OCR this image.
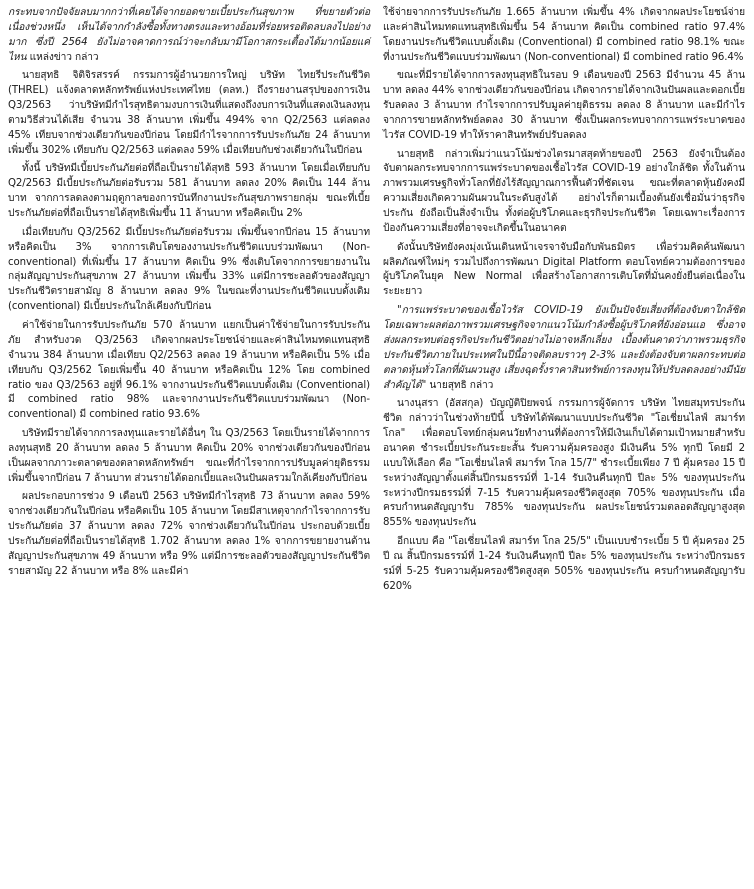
กระทบจากปัจจัยลบมากกว่าที่เคยได้จากยอดขายเบี้ยประกันสุขภาพ ที่ขยายตัวต่อเนื่องช่วงหนึ่ง เห็นได้จากกำลังซื้อทั้งทางตรงและทางอ้อมที่ร่อยหรอติดลบลงไปอย่างมาก ซึ่งปี 2564 ยังไม่อาจคาดการณ์ว่าจะกลับมามีโอกาสกระเตื้องได้มากน้อยแค่ไหน แหล่งข่าว กล่าว

นายสุทธิ จิติจิรสรรค์ กรรมการผู้อำนวยการใหญ่ บริษัท ไทยรีประกันชีวิต (THREL) แจ้งตลาดหลักทรัพย์แห่งประเทศไทย (ตลท.) ถึงรายงานสรุปของการเงิน Q3/2563 ว่าบริษัทมีกำไรสุทธิตามงบการเงินที่แสดงถึงงบการเงินที่แสดงเงินลงทุนตามวิธีส่วนได้เสีย จำนวน 38 ล้านบาท เพิ่มขึ้น 494% จาก Q2/2563 แต่ลดลง 45% เทียบจากช่วงเดียวกันของปีก่อน โดยมีกำไรจากการรับประกันภัย 24 ล้านบาท เพิ่มขึ้น 302% เทียบกับ Q2/2563 แต่ลดลง 59% เมื่อเทียบกับช่วงเดียวกันในปีก่อน

ทั้งนี้ บริษัทมีเบี้ยประกันภัยต่อที่ถือเป็นรายได้สุทธิ 593 ล้านบาท โดยเมื่อเทียบกับ Q2/2563 มีเบี้ยประกันภัยต่อรับรวม 581 ล้านบาท ลดลง 20% คิดเป็น 144 ล้านบาท จากการลดลงตามฤดูกาลของการบันทึกงานประกันสุขภาพรายกลุ่ม ขณะที่เบี้ยประกันภัยต่อที่ถือเป็นรายได้สุทธิเพิ่มขึ้น 11 ล้านบาท หรือคิดเป็น 2%

เมื่อเทียบกับ Q3/2562 มีเบี้ยประกันภัยต่อรับรวม เพิ่มขึ้นจากปีก่อน 15 ล้านบาท หรือคิดเป็น 3% จากการเติบโตของงานประกันชีวิตแบบร่วมพัฒนา (Non-conventional) ที่เพิ่มขึ้น 17 ล้านบาท คิดเป็น 9% ซึ่งเติบโตจากการขยายงานในกลุ่มสัญญาประกันสุขภาพ 27 ล้านบาท เพิ่มขึ้น 33% แต่มีการชะลอตัวของสัญญาประกันชีวิตรายสามัญ 8 ล้านบาท ลดลง 9% ในขณะที่งานประกันชีวิตแบบดั้งเดิม (conventional) มีเบี้ยประกันใกล้เคียงกับปีก่อน

ค่าใช้จ่ายในการรับประกันภัย 570 ล้านบาท แยกเป็นค่าใช้จ่ายในการรับประกันภัย สำหรับงวด Q3/2563 เกิดจากผลประโยชน์จ่ายและค่าสินไหมทดแทนสุทธิ จำนวน 384 ล้านบาท เมื่อเทียบ Q2/2563 ลดลง 19 ล้านบาท หรือคิดเป็น 5% เมื่อเทียบกับ Q3/2562 โดยเพิ่มขึ้น 40 ล้านบาท หรือคิดเป็น 12% โดย combined ratio ของ Q3/2563 อยู่ที่ 96.1% จากงานประกันชีวิตแบบดั้งเดิม (Conventional) มี combined ratio 98% และจากงานประกันชีวิตแบบร่วมพัฒนา (Non-conventional) มี combined ratio 93.6%

บริษัทมีรายได้จากการลงทุนและรายได้อื่นๆ ใน Q3/2563 โดยเป็นรายได้จากการลงทุนสุทธิ 20 ล้านบาท ลดลง 5 ล้านบาท คิดเป็น 20% จากช่วงเดียวกันของปีก่อน เป็นผลจากภาวะตลาดของตลาดหลักทรัพย์ฯ ขณะที่กำไรจากการปรับมูลค่ายุติธรรม เพิ่มขึ้นจากปีก่อน 7 ล้านบาท ส่วนรายได้ดอกเบี้ยและเงินปันผลรวมใกล้เคียงกับปีก่อน

ผลประกอบการช่วง 9 เดือนปี 2563 บริษัทมีกำไรสุทธิ 73 ล้านบาท ลดลง 59% จากช่วงเดียวกันในปีก่อน หรือคิดเป็น 105 ล้านบาท โดยมีสาเหตุจากกำไรจากการรับประกันภัยต่อ 37 ล้านบาท ลดลง 72% จากช่วงเดียวกันในปีก่อน ประกอบด้วยเบี้ยประกันภัยต่อที่ถือเป็นรายได้สุทธิ 1.702 ล้านบาท ลดลง 1% จากการขยายงานด้านสัญญาประกันสุขภาพ 49 ล้านบาท หรือ 9% แต่มีการชะลอตัวของสัญญาประกันชีวิตรายสามัญ 22 ล้านบาท หรือ 8% และมีค่า

ใช้จ่ายจากการรับประกันภัย 1.665 ล้านบาท เพิ่มขึ้น 4% เกิดจากผลประโยชน์จ่ายและค่าสินไหมทดแทนสุทธิเพิ่มขึ้น 54 ล้านบาท คิดเป็น combined ratio 97.4% โดยงานประกันชีวิตแบบดั้งเดิม (Conventional) มี combined ratio 98.1% ขณะที่งานประกันชีวิตแบบร่วมพัฒนา (Non-conventional) มี combined ratio 96.4%

ขณะที่มีรายได้จากการลงทุนสุทธิในรอบ 9 เดือนของปี 2563 มีจำนวน 45 ล้านบาท ลดลง 44% จากช่วงเดียวกันของปีก่อน เกิดจากรายได้จากเงินปันผลและดอกเบี้ยรับลดลง 3 ล้านบาท กำไรจากการปรับมูลค่ายุติธรรม ลดลง 8 ล้านบาท และมีกำไรจากการขายหลักทรัพย์ลดลง 30 ล้านบาท ซึ่งเป็นผลกระทบจากการแพร่ระบาดของไวรัส COVID-19 ทำให้ราคาสินทรัพย์ปรับลดลง

นายสุทธิ กล่าวเพิ่มว่าแนวโน้มช่วงไตรมาสสุดท้ายของปี 2563 ยังจำเป็นต้องจับตาผลกระทบจากการแพร่ระบาดของเชื้อไวรัส COVID-19 อย่างใกล้ชิด ทั้งในด้านภาพรวมเศรษฐกิจทั่วโลกที่ยังไร้สัญญาณการฟื้นตัวที่ชัดเจน ขณะที่ตลาดหุ้นยังคงมีความเสี่ยงเกิดความผันผวนในระดับสูงได้ อย่างไรก็ตามเบื้องต้นยังเชื่อมั่นว่าธุรกิจประกัน ยังถือเป็นสิ่งจำเป็น ทั้งต่อผู้บริโภคและธุรกิจประกันชีวิต โดยเฉพาะเรื่องการป้องกันความเสี่ยงที่อาจจะเกิดขึ้นในอนาคต

ดังนั้นบริษัทยังคงมุ่งเน้นเดินหน้าเจรจาจับมือกับพันธมิตร เพื่อร่วมคิดค้นพัฒนาผลิตภัณฑ์ใหม่ๆ รวมไปถึงการพัฒนา Digital Platform ตอบโจทย์ความต้องการของผู้บริโภคในยุค New Normal เพื่อสร้างโอกาสการเติบโตที่มั่นคงยั่งยืนต่อเนื่องในระยะยาว

"การแพร่ระบาดของเชื้อไวรัส COVID-19 ยังเป็นปัจจัยเสี่ยงที่ต้องจับตาใกล้ชิด โดยเฉพาะผลต่อภาพรวมเศรษฐกิจจากแนวโน้มกำลังซื้อผู้บริโภคที่ยังอ่อนแอ ซึ่งอาจส่งผลกระทบต่อธุรกิจประกันชีวิตอย่างไม่อาจหลีกเลี่ยง เบื้องต้นคาดว่าภาพรวมธุรกิจประกันชีวิตภายในประเทศในปีนี้อาจติดลบราวๆ 2-3% และยังต้องจับตาผลกระทบต่อตลาดหุ้นทั่วโลกที่ผันผวนสูง เสี่ยงฉุดรั้งราคาสินทรัพย์การลงทุนให้ปรับลดลงอย่างมีนัยสำคัญได้" นายสุทธิ กล่าว

นางนุสรา (อัสสกุล) บัญญัติปิยพจน์ กรรมการผู้จัดการ บริษัท ไทยสมุทรประกันชีวิต กล่าวว่าในช่วงท้ายปีนี้ บริษัทได้พัฒนาแบบประกันชีวิต "โอเชี่ยนไลฟ์ สมาร์ท โกล" เพื่อตอบโจทย์กลุ่มคนวัยทำงานที่ต้องการให้มีเงินเก็บได้ตามเป้าหมายสำหรับอนาคต ชำระเบี้ยประกันระยะสั้น รับความคุ้มครองสูง มีเงินคืน 5% ทุกปี โดยมี 2 แบบให้เลือก คือ "โอเชี่ยนไลฟ์ สมาร์ท โกล 15/7" ชำระเบี้ยเพียง 7 ปี คุ้มครอง 15 ปี ระหว่างสัญญาตั้งแต่สิ้นปีกรมธรรม์ที่ 1-14 รับเงินคืนทุกปี ปีละ 5% ของทุนประกัน ระหว่างปีกรมธรรม์ที่ 7-15 รับความคุ้มครองชีวิตสูงสุด 705% ของทุนประกัน เมื่อครบกำหนดสัญญารับ 785% ของทุนประกัน ผลประโยชน์รวมตลอดสัญญาสูงสุด 855% ของทุนประกัน

อีกแบบ คือ "โอเชี่ยนไลฟ์ สมาร์ท โกล 25/5" เป็นแบบชำระเบี้ย 5 ปี คุ้มครอง 25 ปี ณ สิ้นปีกรมธรรม์ที่ 1-24 รับเงินคืนทุกปี ปีละ 5% ของทุนประกัน ระหว่างปีกรมธรรม์ที่ 5-25 รับความคุ้มครองชีวิตสูงสุด 505% ของทุนประกัน ครบกำหนดสัญญารับ 620%
